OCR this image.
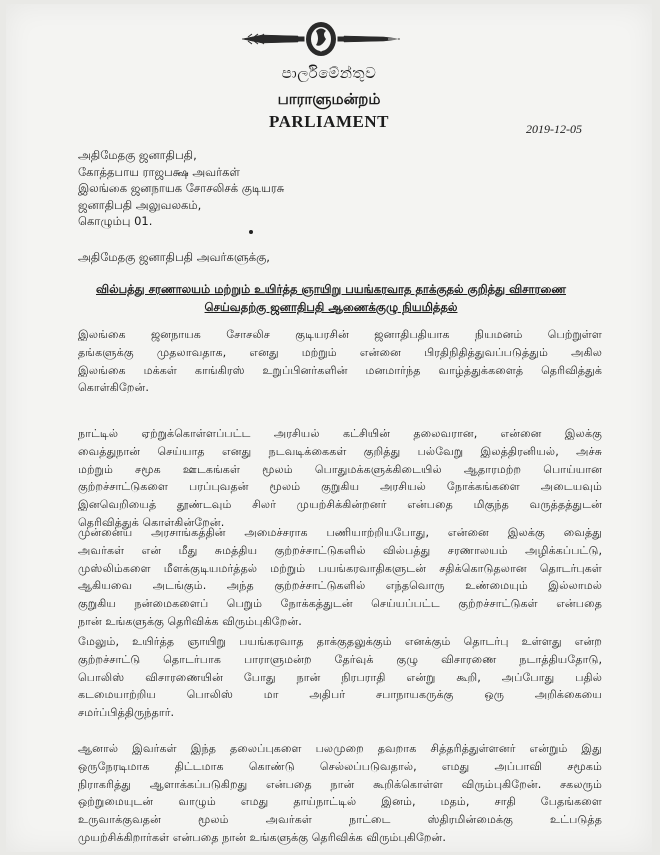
පාර්ලිමේන්තුව
பாராளுமன்றம்
PARLIAMENT	2019-12-05
அதிமேதகு ஜனாதிபதி,
கோத்தபாய ராஜபக்ஷ அவர்கள்
இலங்கை ஜனநாயக சோசலிசக் குடியரசு
ஜனாதிபதி அலுவலகம்,
கொழும்பு 01.
அதிமேதகு ஜனாதிபதி அவர்களுக்கு,
வில்பத்து சரணாலயம் மற்றும் உயிர்த்த ஞாயிறு பயங்கரவாத தாக்குதல் குறித்து விசாரணை
செய்வதற்கு ஜனாதிபதி ஆணைக்குழு நியமித்தல்
இலங்கை ஜனநாயக சோசலிச குடியரசின் ஜனாதிபதியாக நியமனம் பெற்றுள்ள
தங்களுக்கு முதலாவதாக, எனது மற்றும் என்னை பிரதிநிதித்துவப்படுத்தும் அகில
இலங்கை மக்கள் காங்கிரஸ் உறுப்பினர்களின் மனமார்ந்த வாழ்த்துக்களைத் தெரிவித்துக்
கொள்கிறேன்.
நாட்டில் ஏற்றுக்கொள்ளப்பட்ட அரசியல் கட்சியின் தலைவரான, என்னை இலக்கு
வைத்துநான் செய்யாத எனது நடவடிக்கைகள் குறித்து பல்வேறு இலத்திரனியல், அச்சு
மற்றும் சமூக ஊடகங்கள் மூலம் பொதுமக்களுக்கிடையில் ஆதாரமற்ற பொய்யான
குற்றச்சாட்டுகளை பரப்புவதன் மூலம் குறுகிய அரசியல் நோக்கங்களை அடையவும்
இனவெறியைத் தூண்டவும் சிலர் முயற்சிக்கின்றனர் என்பதை மிகுந்த வருத்தத்துடன்
தெரிவித்துக் கொள்கின்றேன்.
முன்னைய அரசாங்கத்தின் அமைச்சராக பணியாற்றியபோது, என்னை இலக்கு வைத்து
அவர்கள் என் மீது சுமத்திய குற்றச்சாட்டுகளில் வில்பத்து சரணாலயம் அழிக்கப்பட்டு,
முஸ்லிம்களை மீளக்குடியமர்த்தல் மற்றும் பயங்கரவாதிகளுடன் சதிக்கொடுதலான தொடர்புகள்
ஆகியவை அடங்கும். அந்த குற்றச்சாட்டுகளில் எந்தவொரு உண்மையும் இல்லாமல்
குறுகிய நன்மைகளைப் பெறும் நோக்கத்துடன் செய்யப்பட்ட குற்றச்சாட்டுகள் என்பதை
நான் உங்களுக்கு தெரிவிக்க விரும்புகிறேன்.
மேலும், உயிர்த்த ஞாயிறு பயங்கரவாத தாக்குதலுக்கும் எனக்கும் தொடர்பு உள்ளது என்ற
குற்றச்சாட்டு தொடர்பாக பாராளுமன்ற தேர்வுக் குழு விசாரணை நடாத்தியதோடு,
பொலிஸ் விசாரணையின் போது நான் நிரபராதி என்று கூறி, அப்போது பதில்
கடமையாற்றிய பொலிஸ் மா அதிபர் சபாநாயகருக்கு ஒரு அறிக்கையை
சமர்ப்பித்திருந்தார்.
ஆனால் இவர்கள் இந்த தலைப்புகளை பலமுறை தவறாக சித்தரித்துள்ளனர் என்றும் இது
ஒருநேரடிமாக திட்டமாக கொண்டு செல்லப்படுவதால், எமது அப்பாவி சமூகம்
நிராகரித்து ஆளாக்கப்படுகிறது என்பதை நான் கூறிக்கொள்ள விரும்புகிறேன். சகலரும்
ஒற்றுமையுடன் வாழும் எமது தாய்நாட்டில் இனம், மதம், சாதி பேதங்களை
உருவாக்குவதன் மூலம் அவர்கள் நாட்டை ஸ்திரமின்மைக்கு உட்படுத்த
முயற்சிக்கிறார்கள் என்பதை நான் உங்களுக்கு தெரிவிக்க விரும்புகிறேன்.
